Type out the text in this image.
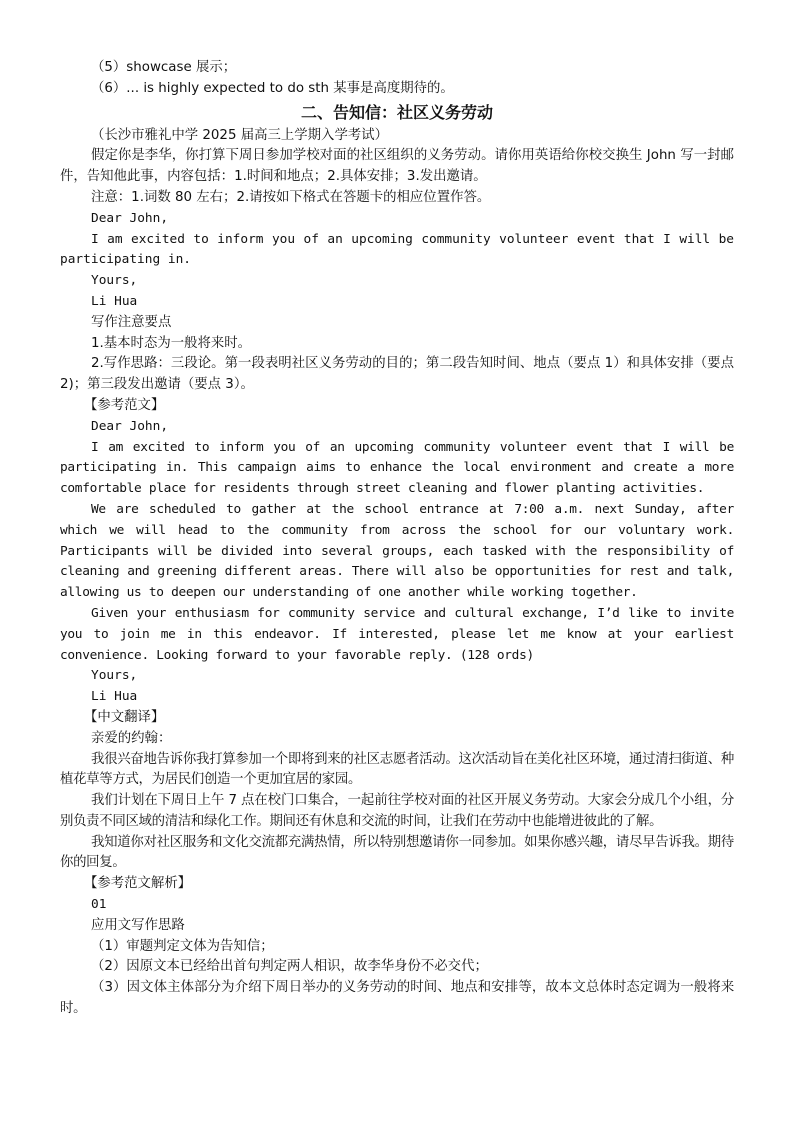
（5）showcase 展示；

（6）... is highly expected to do sth 某事是高度期待的。

二、告知信：社区义务劳动

（长沙市雅礼中学 2025 届高三上学期入学考试）

假定你是李华，你打算下周日参加学校对面的社区组织的义务劳动。请你用英语给你校交换生 John 写一封邮件，告知他此事，内容包括：1.时间和地点；2.具体安排；3.发出邀请。

注意：1.词数 80 左右；2.请按如下格式在答题卡的相应位置作答。

Dear John,

I am excited to inform you of an upcoming community volunteer event that I will be participating in.

Yours,

Li Hua

写作注意要点

1.基本时态为一般将来时。

2.写作思路：三段论。第一段表明社区义务劳动的目的；第二段告知时间、地点（要点 1）和具体安排（要点 2)；第三段发出邀请（要点 3）。

【参考范文】

Dear John,

I am excited to inform you of an upcoming community volunteer event that I will be participating in. This campaign aims to enhance the local environment and create a more comfortable place for residents through street cleaning and flower planting activities.

We are scheduled to gather at the school entrance at 7:00 a.m. next Sunday, after which we will head to the community from across the school for our voluntary work. Participants will be divided into several groups, each tasked with the responsibility of cleaning and greening different areas. There will also be opportunities for rest and talk, allowing us to deepen our understanding of one another while working together.

Given your enthusiasm for community service and cultural exchange, I’d like to invite you to join me in this endeavor. If interested, please let me know at your earliest convenience. Looking forward to your favorable reply. (128 ords)

Yours,

Li Hua

【中文翻译】

亲爱的约翰：

我很兴奋地告诉你我打算参加一个即将到来的社区志愿者活动。这次活动旨在美化社区环境，通过清扫街道、种植花草等方式，为居民们创造一个更加宜居的家园。

我们计划在下周日上午 7 点在校门口集合，一起前往学校对面的社区开展义务劳动。大家会分成几个小组，分别负责不同区域的清洁和绿化工作。期间还有休息和交流的时间，让我们在劳动中也能增进彼此的了解。

我知道你对社区服务和文化交流都充满热情，所以特别想邀请你一同参加。如果你感兴趣，请尽早告诉我。期待你的回复。

【参考范文解析】

01

应用文写作思路

（1）审题判定文体为告知信；

（2）因原文本已经给出首句判定两人相识，故李华身份不必交代；

（3）因文体主体部分为介绍下周日举办的义务劳动的时间、地点和安排等，故本文总体时态定调为一般将来时。
